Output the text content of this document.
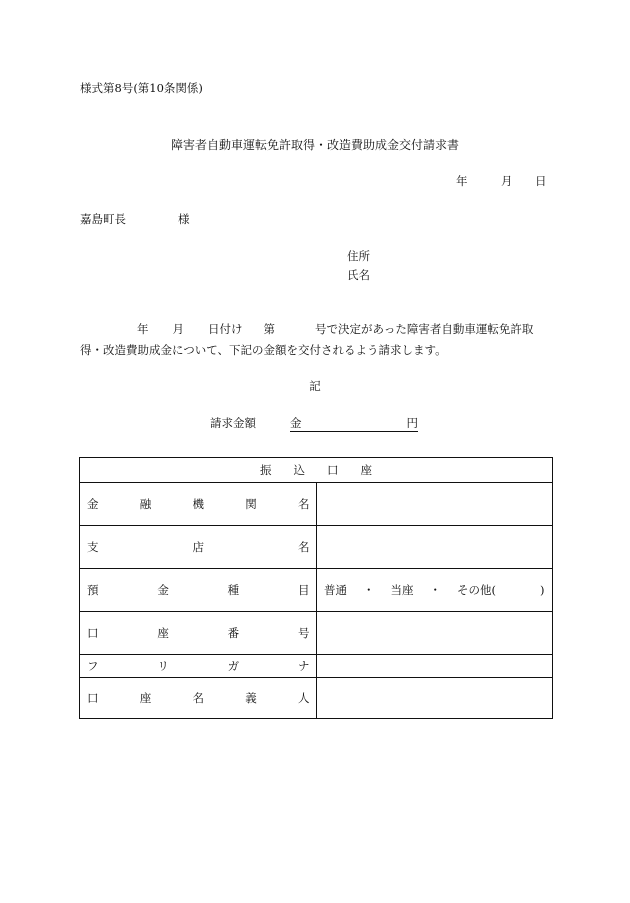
様式第8号(第10条関係)
障害者自動車運転免許取得・改造費助成金交付請求書
年	月 日
嘉島町長	様
住所
氏名
年 月 日付け 第	号で決定があった障害者自動車運転免許取
得・改造費助成金について、下記の金額を交付されるよう請求します。
記
請求金額	金	円
振込口座	

金 融 機 関 名	

支 店 名	

預 金 種 目	普通 ・ 当座 ・ その他( )

口 座 番 号	

フ リ ガ ナ	

口 座 名 義 人	
